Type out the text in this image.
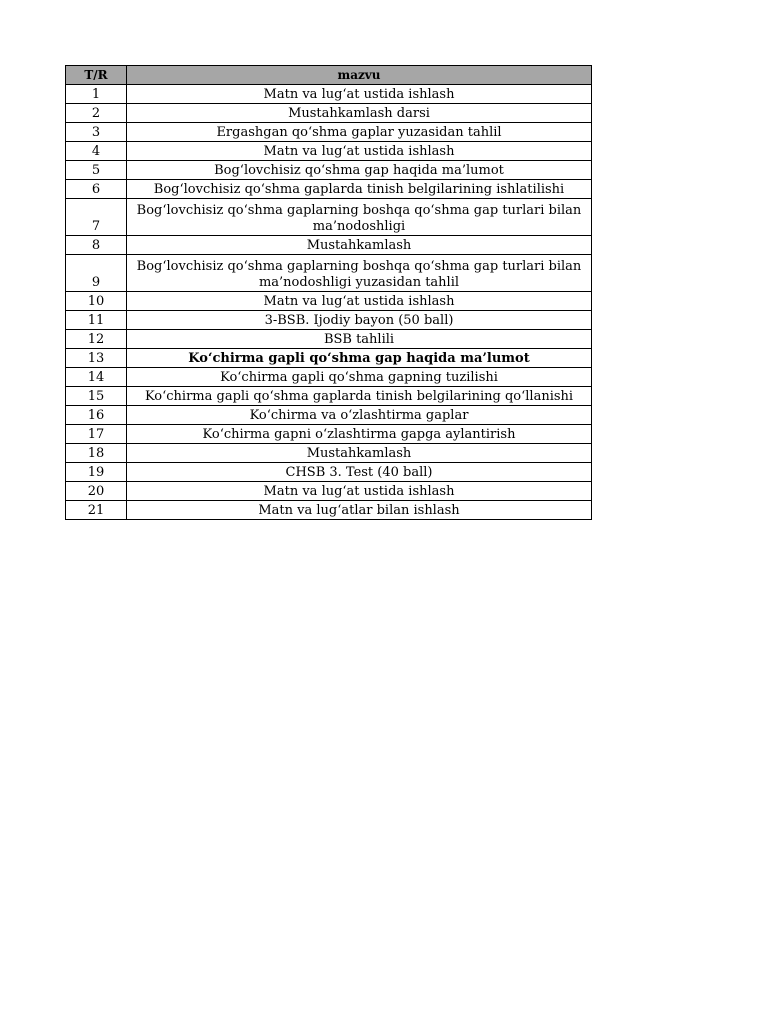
T/R	mazvu
1	Matn va lug‘at ustida ishlash
2	Mustahkamlash darsi
3	Ergashgan qo‘shma gaplar yuzasidan tahlil
4	Matn va lug‘at ustida ishlash
5	Bog‘lovchisiz qo‘shma gap haqida ma’lumot
6	Bog‘lovchisiz qo‘shma gaplarda tinish belgilarining ishlatilishi
7	Bog‘lovchisiz qo‘shma gaplarning boshqa qo‘shma gap turlari bilan ma’nodoshligi
8	Mustahkamlash
9	Bog‘lovchisiz qo‘shma gaplarning boshqa qo‘shma gap turlari bilan ma’nodoshligi yuzasidan tahlil
10	Matn va lug‘at ustida ishlash
11	3-BSB. Ijodiy bayon (50 ball)
12	BSB tahlili
13	Ko‘chirma gapli qo‘shma gap haqida ma’lumot
14	Ko‘chirma gapli qo‘shma gapning tuzilishi
15	Ko‘chirma gapli qo‘shma gaplarda tinish belgilarining qo‘llanishi
16	Ko‘chirma va o‘zlashtirma gaplar
17	Ko‘chirma gapni o‘zlashtirma gapga aylantirish
18	Mustahkamlash
19	CHSB 3. Test (40 ball)
20	Matn va lug‘at ustida ishlash
21	Matn va lug‘atlar bilan ishlash
